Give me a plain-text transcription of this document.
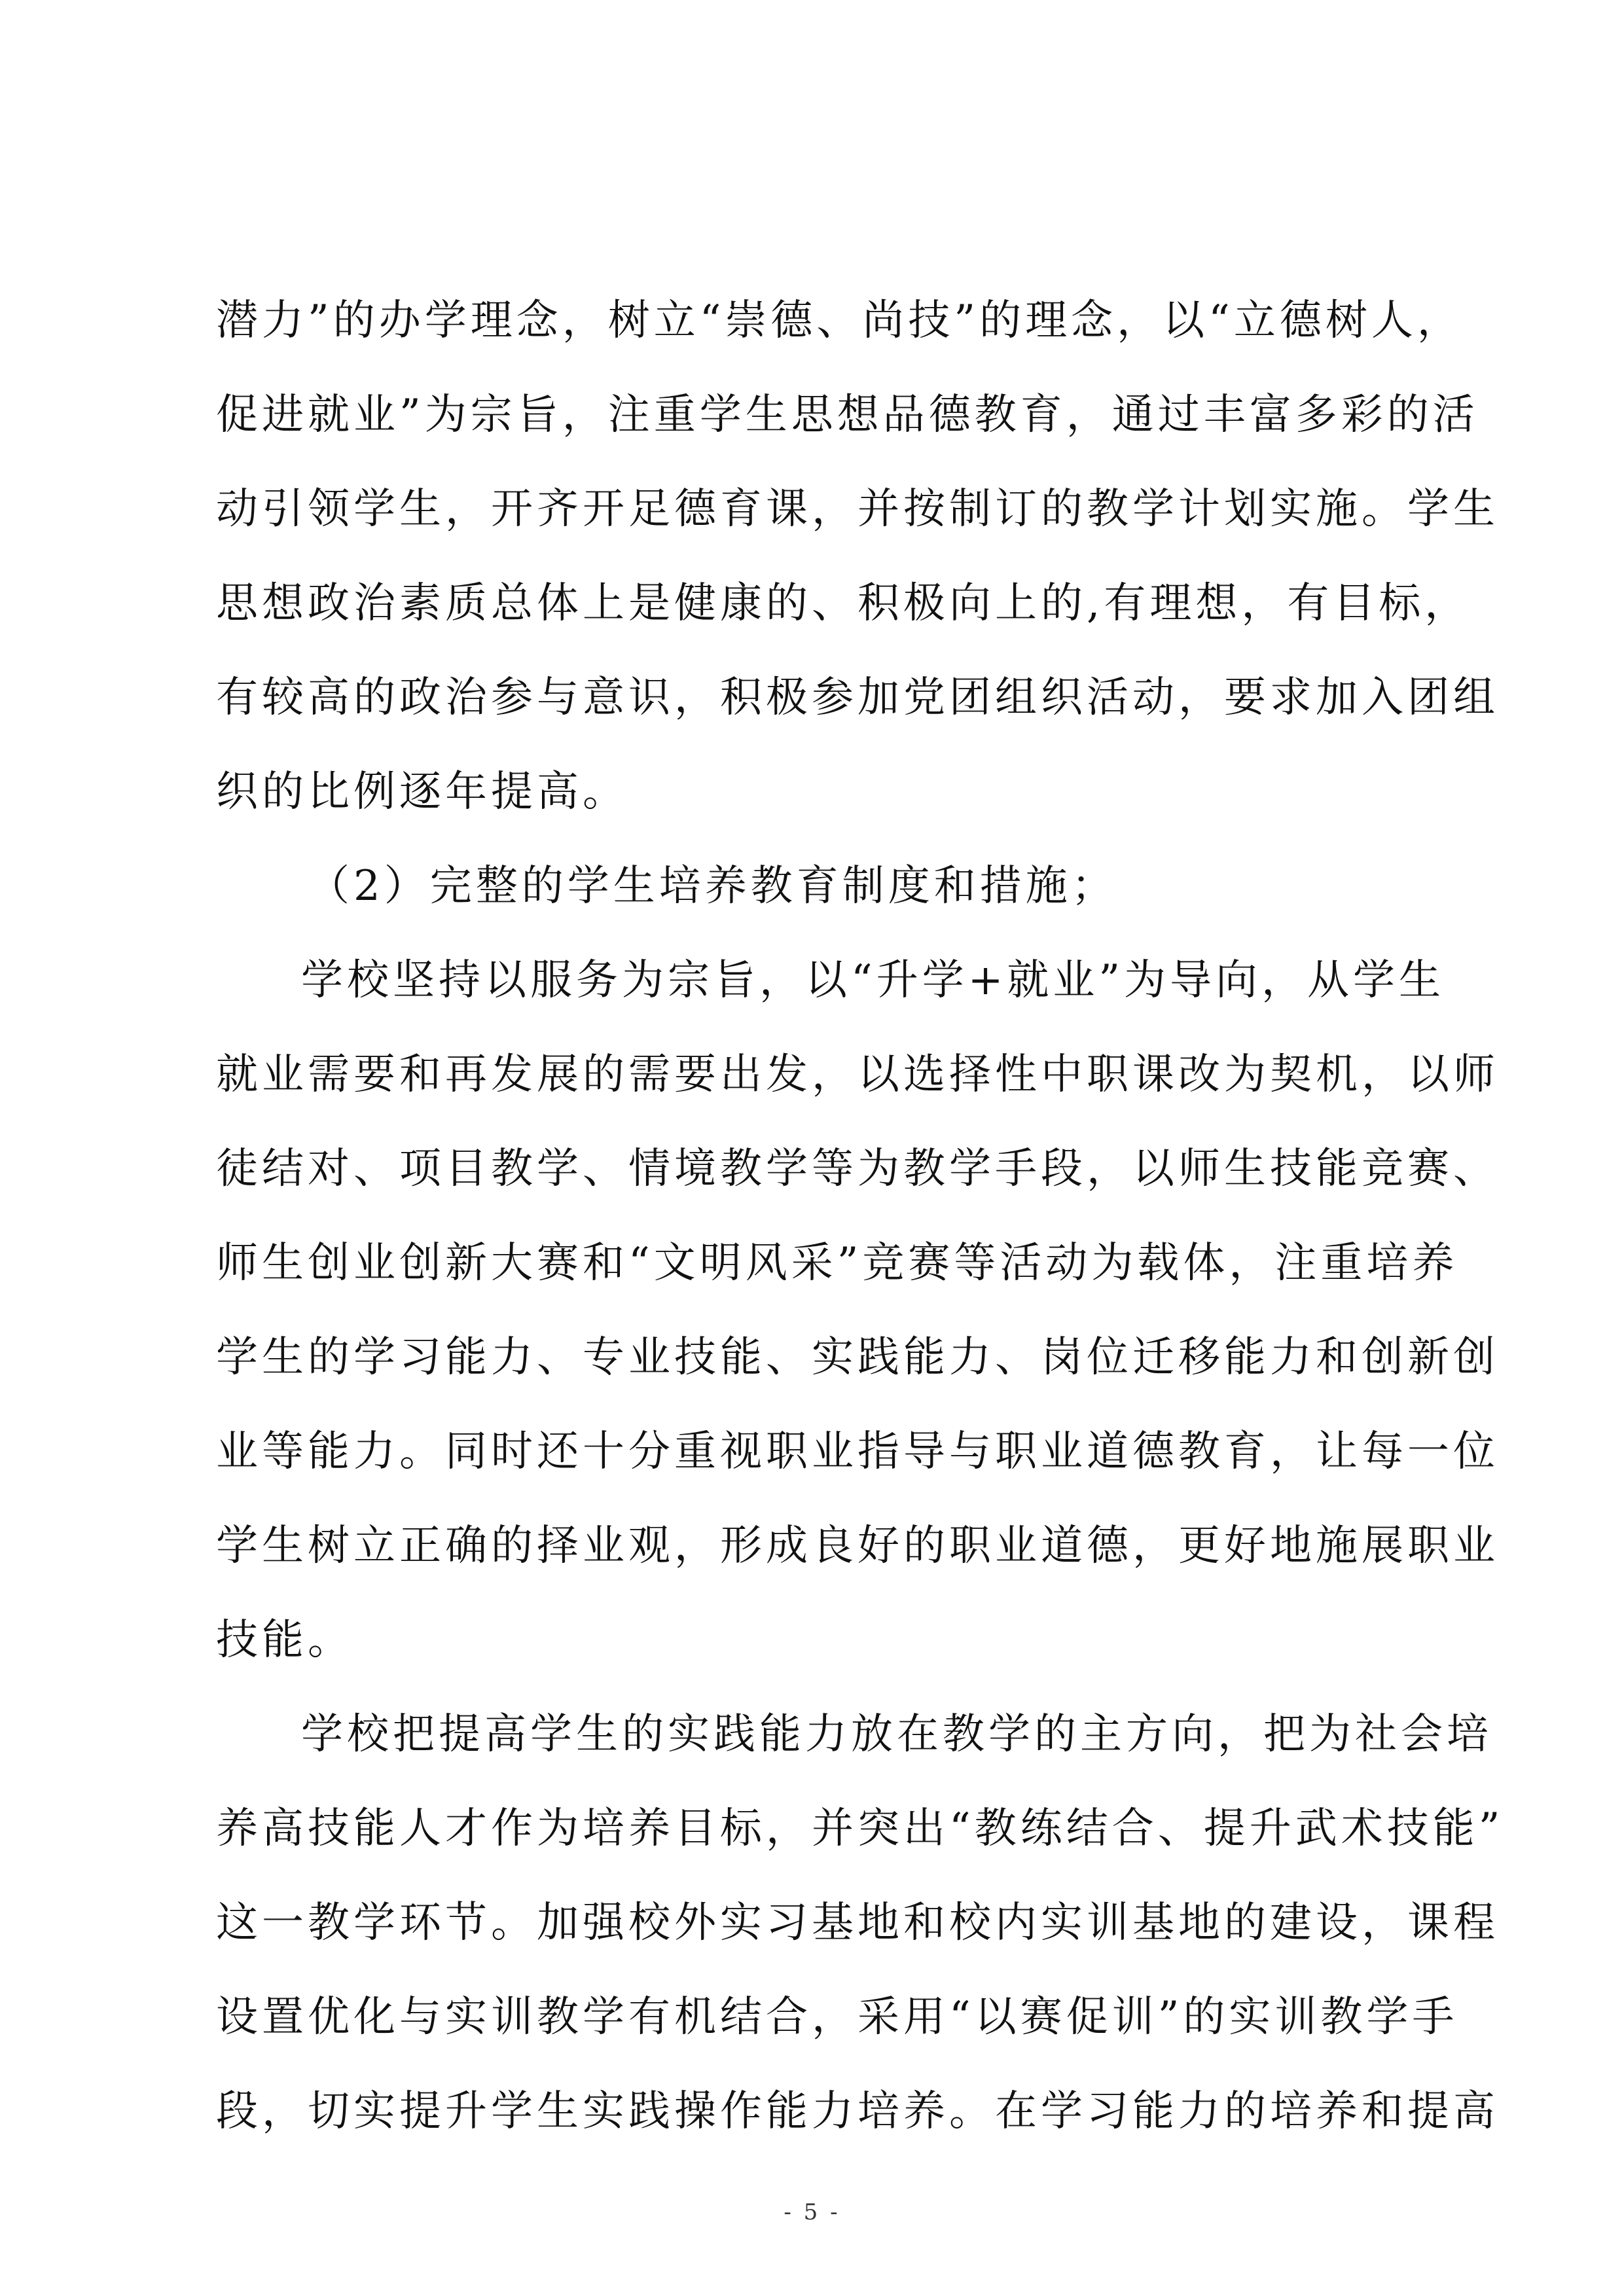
潜力”的办学理念，树立“崇德、尚技”的理念，以“立德树人，
促进就业”为宗旨，注重学生思想品德教育，通过丰富多彩的活
动引领学生，开齐开足德育课，并按制订的教学计划实施。学生
思想政治素质总体上是健康的、积极向上的,有理想，有目标，
有较高的政治参与意识，积极参加党团组织活动，要求加入团组
织的比例逐年提高。
（2）完整的学生培养教育制度和措施；
学校坚持以服务为宗旨，以“升学+就业”为导向，从学生
就业需要和再发展的需要出发，以选择性中职课改为契机，以师
徒结对、项目教学、情境教学等为教学手段，以师生技能竞赛、
师生创业创新大赛和“文明风采”竞赛等活动为载体，注重培养
学生的学习能力、专业技能、实践能力、岗位迁移能力和创新创
业等能力。同时还十分重视职业指导与职业道德教育，让每一位
学生树立正确的择业观，形成良好的职业道德，更好地施展职业
技能。
学校把提高学生的实践能力放在教学的主方向，把为社会培
养高技能人才作为培养目标，并突出“教练结合、提升武术技能”
这一教学环节。加强校外实习基地和校内实训基地的建设，课程
设置优化与实训教学有机结合，采用“以赛促训”的实训教学手
段，切实提升学生实践操作能力培养。在学习能力的培养和提高
- 5 -
